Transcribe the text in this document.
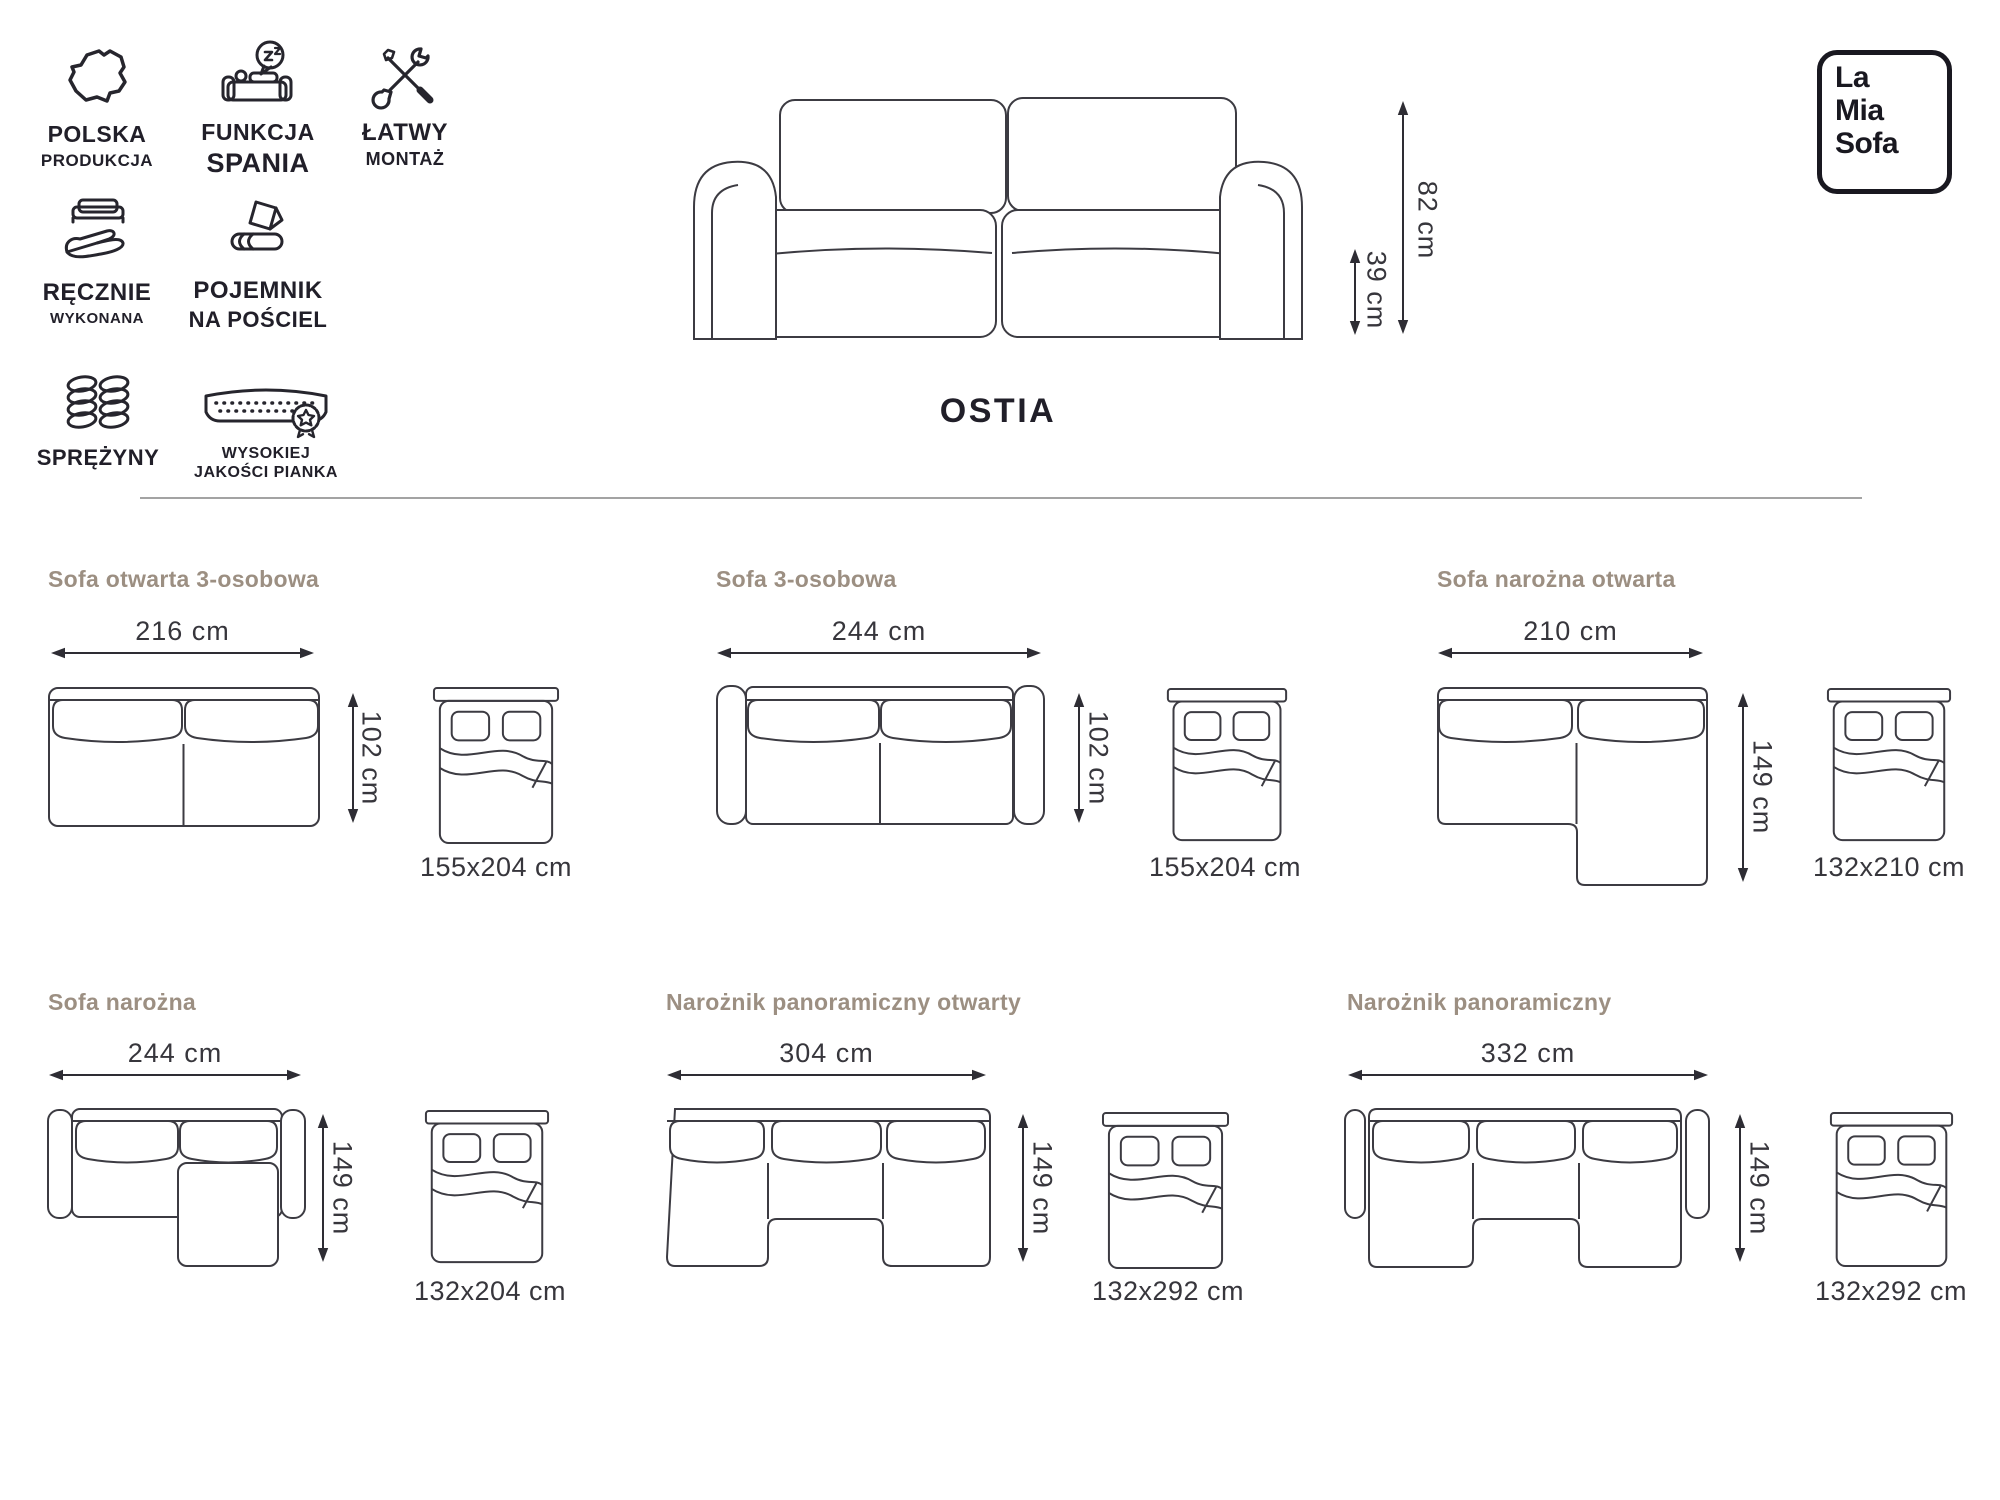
POLSKA
PRODUKCJA
FUNKCJA
SPANIA
ŁATWY
MONTAŻ
RĘCZNIE
WYKONANA
POJEMNIK
NA POŚCIEL
SPRĘŻYNY	WYSOKIEJ
JAKOŚCI PIANKA
82 cm
39 cm
OSTIA
La
Mia
Sofa
Sofa otwarta 3-osobowa
216 cm
102 cm
155x204 cm
Sofa 3-osobowa
244 cm
102 cm
155x204 cm
Sofa narożna otwarta
210 cm
149 cm
132x210 cm
Sofa narożna
244 cm
149 cm
132x204 cm
Narożnik panoramiczny otwarty
304 cm
149 cm
132x292 cm
Narożnik panoramiczny
332 cm
149 cm
132x292 cm
